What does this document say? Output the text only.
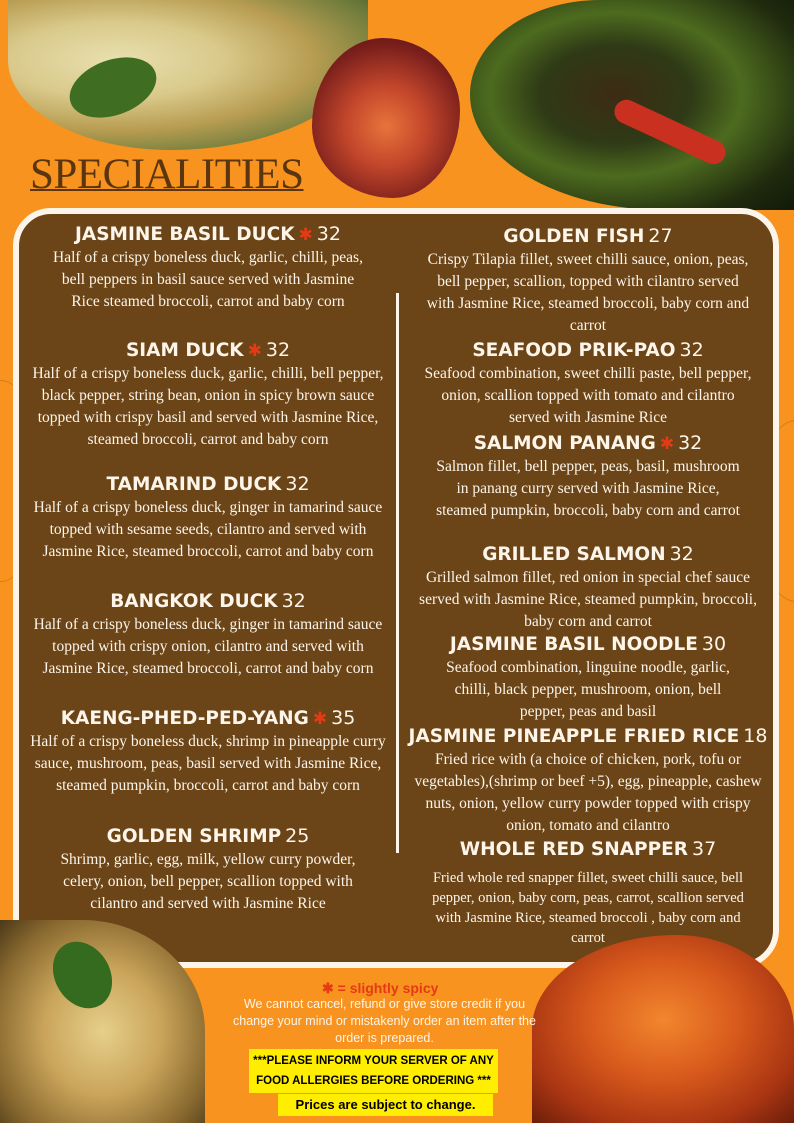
SPECIALITIES
JASMINE BASIL DUCK ✱ 32
Half of a crispy boneless duck, garlic, chilli, peas, bell peppers in basil sauce served with Jasmine Rice steamed broccoli, carrot and baby corn
SIAM DUCK ✱ 32
Half of a crispy boneless duck, garlic, chilli, bell pepper, black pepper, string bean, onion in spicy brown sauce topped with crispy basil and served with Jasmine Rice, steamed broccoli, carrot and baby corn
TAMARIND DUCK 32
Half of a crispy boneless duck, ginger in tamarind sauce topped with sesame seeds, cilantro and served with Jasmine Rice, steamed broccoli, carrot and baby corn
BANGKOK DUCK 32
Half of a crispy boneless duck, ginger in tamarind sauce topped with crispy onion, cilantro and served with Jasmine Rice, steamed broccoli, carrot and baby corn
KAENG-PHED-PED-YANG ✱ 35
Half of a crispy boneless duck, shrimp in pineapple curry sauce, mushroom, peas, basil served with Jasmine Rice, steamed pumpkin, broccoli, carrot and baby corn
GOLDEN SHRIMP 25
Shrimp, garlic, egg, milk, yellow curry powder, celery, onion, bell pepper, scallion topped with cilantro and served with Jasmine Rice
GOLDEN FISH 27
Crispy Tilapia fillet, sweet chilli sauce, onion, peas, bell pepper, scallion, topped with cilantro served with Jasmine Rice, steamed broccoli, baby corn and carrot
SEAFOOD PRIK-PAO 32
Seafood combination, sweet chilli paste, bell pepper, onion, scallion topped with tomato and cilantro served with Jasmine Rice
SALMON PANANG ✱ 32
Salmon fillet, bell pepper, peas, basil, mushroom in panang curry served with Jasmine Rice, steamed pumpkin, broccoli, baby corn and carrot
GRILLED SALMON 32
Grilled salmon fillet, red onion in special chef sauce served with Jasmine Rice, steamed pumpkin, broccoli, baby corn and carrot
JASMINE BASIL NOODLE 30
Seafood combination, linguine noodle, garlic, chilli, black pepper, mushroom, onion, bell pepper, peas and basil
JASMINE PINEAPPLE FRIED RICE 18
Fried rice with (a choice of chicken, pork, tofu or vegetables),(shrimp or beef +5), egg, pineapple, cashew nuts, onion, yellow curry powder topped with crispy onion, tomato and cilantro
WHOLE RED SNAPPER 37
Fried whole red snapper fillet, sweet chilli sauce, bell pepper, onion, baby corn, peas, carrot, scallion served with Jasmine Rice, steamed broccoli , baby corn and carrot
✱ = slightly spicy
We cannot cancel, refund or give store credit if you change your mind or mistakenly order an item after the order is prepared.
***PLEASE INFORM YOUR SERVER OF ANY FOOD ALLERGIES BEFORE ORDERING ***
Prices are subject to change.
